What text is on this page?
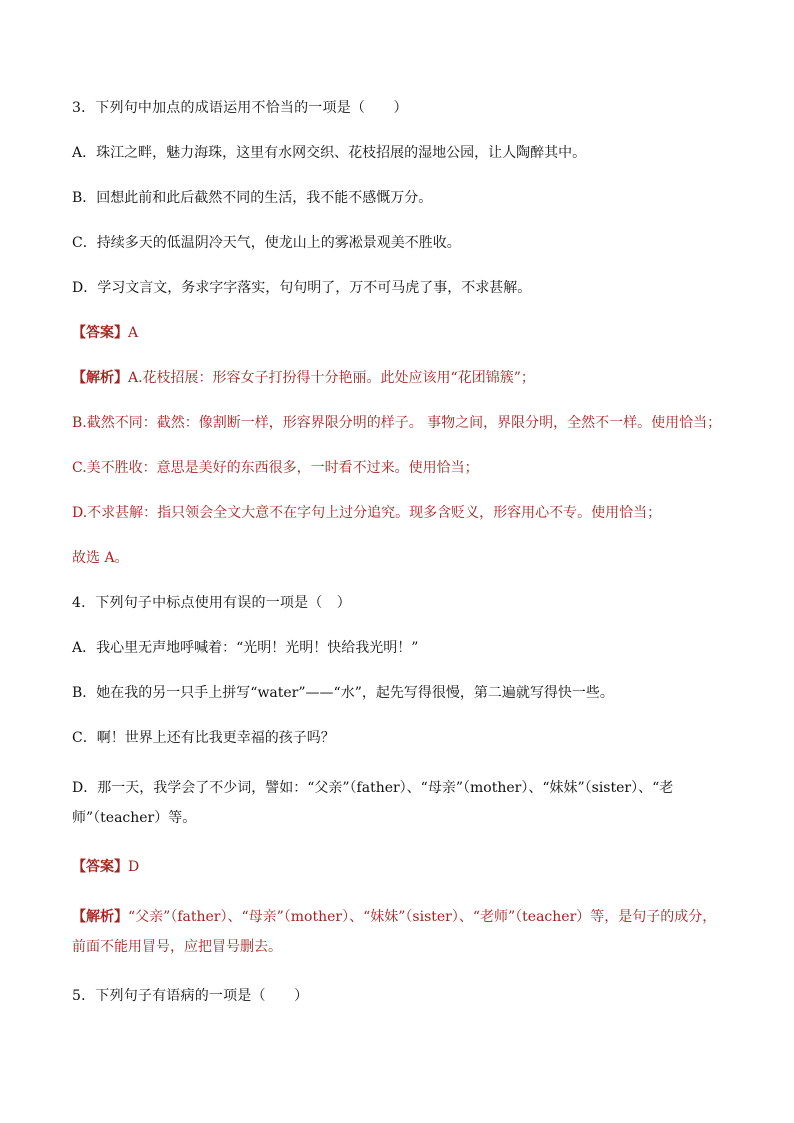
3．下列句中加点的成语运用不恰当的一项是（　　）

A．珠江之畔，魅力海珠，这里有水网交织、花枝招展的湿地公园，让人陶醉其中。

B．回想此前和此后截然不同的生活，我不能不感慨万分。

C．持续多天的低温阴冷天气，使龙山上的雾凇景观美不胜收。

D．学习文言文，务求字字落实，句句明了，万不可马虎了事，不求甚解。

【答案】A

【解析】A.花枝招展：形容女子打扮得十分艳丽。此处应该用“花团锦簇”；

B.截然不同：截然：像割断一样，形容界限分明的样子。 事物之间，界限分明，全然不一样。使用恰当；

C.美不胜收：意思是美好的东西很多，一时看不过来。使用恰当；

D.不求甚解：指只领会全文大意不在字句上过分追究。现多含贬义，形容用心不专。使用恰当；

故选 A。

4．下列句子中标点使用有误的一项是（　）

A．我心里无声地呼喊着：“光明！光明！快给我光明！”

B．她在我的另一只手上拼写“water”——“水”，起先写得很慢，第二遍就写得快一些。

C．啊！世界上还有比我更幸福的孩子吗？

D．那一天，我学会了不少词，譬如：“父亲”（father）、“母亲”（mother）、“妹妹”（sister）、“老师”（teacher）等。

【答案】D

【解析】“父亲”（father）、“母亲”（mother）、“妹妹”（sister）、“老师”（teacher）等，是句子的成分，前面不能用冒号，应把冒号删去。

5．下列句子有语病的一项是（　　）
